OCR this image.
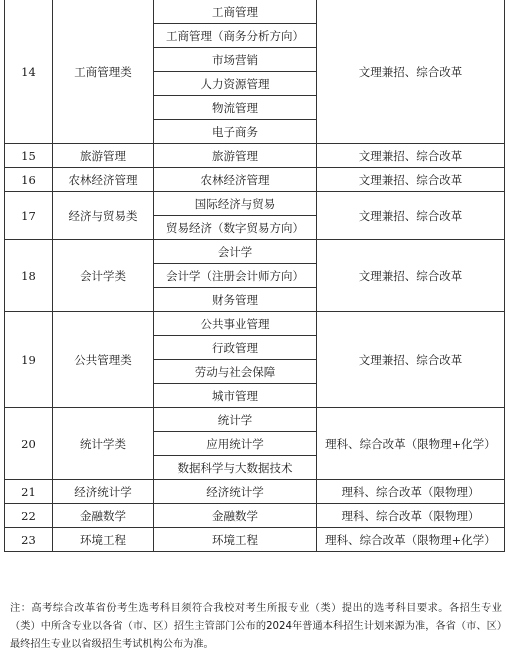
14	工商管理类	工商管理	文理兼招、综合改革
		工商管理（商务分析方向）	
		市场营销	
		人力资源管理	
		物流管理	
		电子商务	
15	旅游管理	旅游管理	文理兼招、综合改革
16	农林经济管理	农林经济管理	文理兼招、综合改革
17	经济与贸易类	国际经济与贸易	文理兼招、综合改革
		贸易经济（数字贸易方向）	
18	会计学类	会计学	文理兼招、综合改革
		会计学（注册会计师方向）	
		财务管理	
19	公共管理类	公共事业管理	文理兼招、综合改革
		行政管理	
		劳动与社会保障	
		城市管理	
20	统计学类	统计学	理科、综合改革（限物理+化学）
		应用统计学	
		数据科学与大数据技术	
21	经济统计学	经济统计学	理科、综合改革（限物理）
22	金融数学	金融数学	理科、综合改革（限物理）
23	环境工程	环境工程	理科、综合改革（限物理+化学）
注：高考综合改革省份考生选考科目须符合我校对考生所报专业（类）提出的选考科目要求。各招生专业（类）中所含专业以各省（市、区）招生主管部门公布的2024年普通本科招生计划来源为准，各省（市、区）最终招生专业以省级招生考试机构公布为准。
